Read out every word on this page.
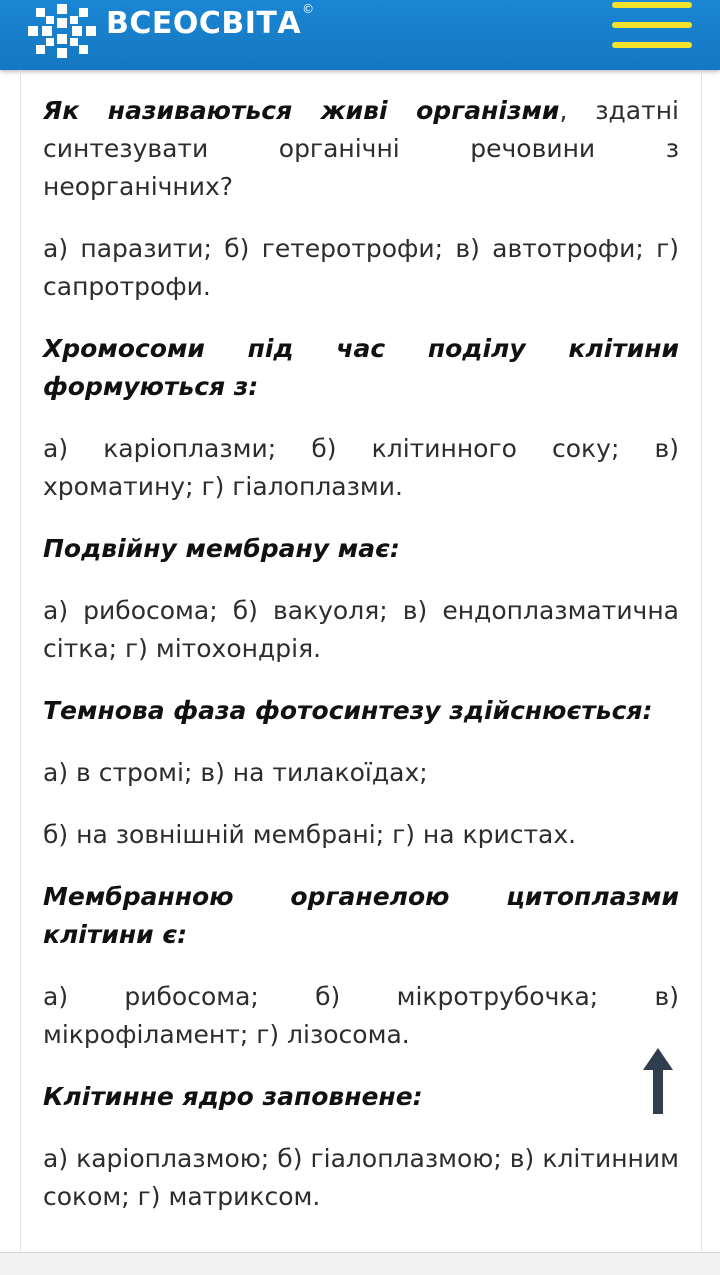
ВСЕОСВІТА ©

Як називаються живі організми, здатні синтезувати органічні речовини з неорганічних?

а) паразити; б) гетеротрофи; в) автотрофи; г) сапротрофи.

Хромосоми під час поділу клітини формуються з:

а) каріоплазми; б) клітинного соку; в) хроматину; г) гіалоплазми.

Подвійну мембрану має:

а) рибосома; б) вакуоля; в) ендоплазматична сітка; г) мітохондрія.

Темнова фаза фотосинтезу здійснюється:

а) в стромі; в) на тилакоїдах;

б) на зовнішній мембрані; г) на кристах.

Мембранною органелою цитоплазми клітини є:

а) рибосома; б) мікротрубочка; в) мікрофіламент; г) лізосома.

Клітинне ядро заповнене:

а) каріоплазмою; б) гіалоплазмою; в) клітинним соком; г) матриксом.
